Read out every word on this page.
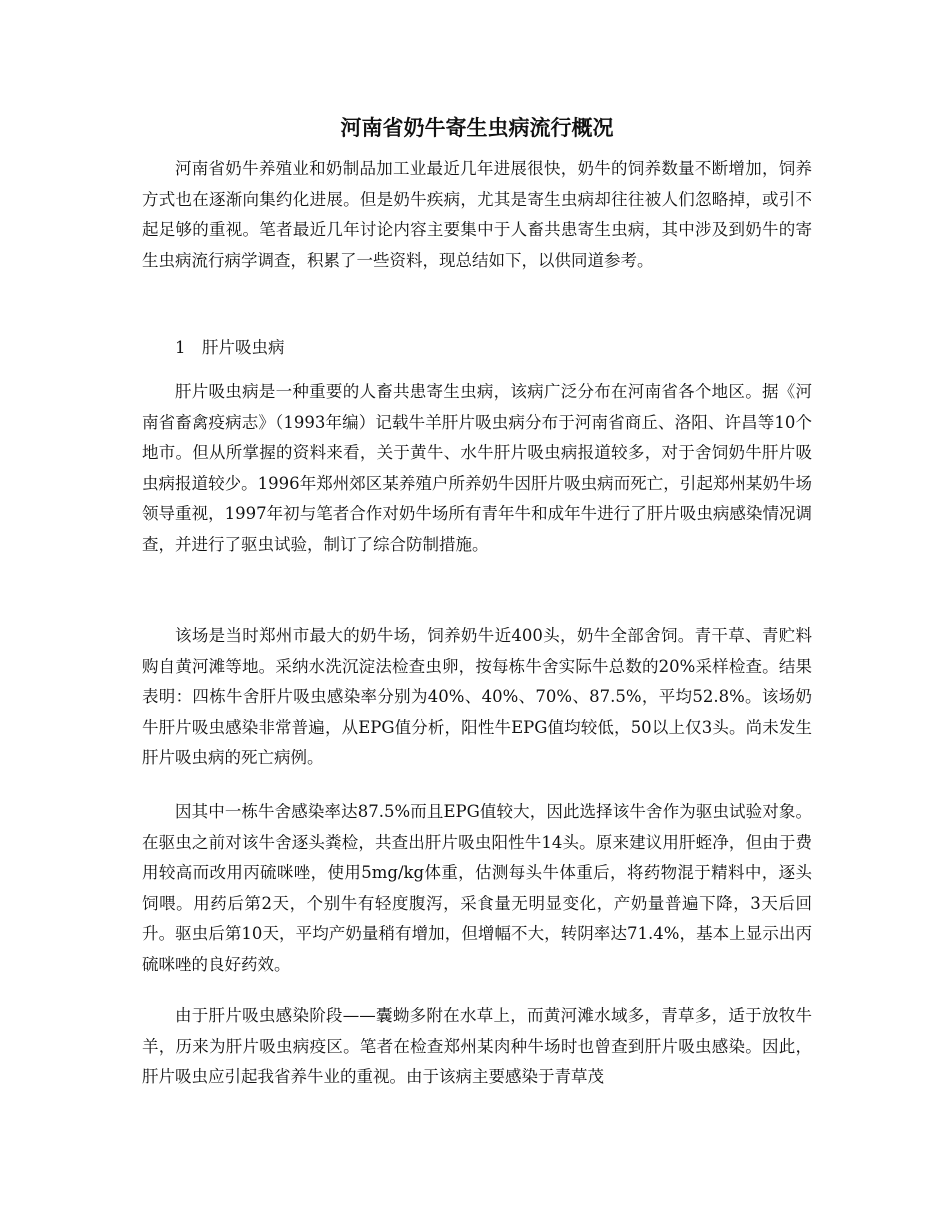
河南省奶牛寄生虫病流行概况

河南省奶牛养殖业和奶制品加工业最近几年进展很快，奶牛的饲养数量不断增加，饲养方式也在逐渐向集约化进展。但是奶牛疾病，尤其是寄生虫病却往往被人们忽略掉，或引不起足够的重视。笔者最近几年讨论内容主要集中于人畜共患寄生虫病，其中涉及到奶牛的寄生虫病流行病学调查，积累了一些资料，现总结如下，以供同道参考。

1　肝片吸虫病

肝片吸虫病是一种重要的人畜共患寄生虫病，该病广泛分布在河南省各个地区。据《河南省畜禽疫病志》（1993年编）记载牛羊肝片吸虫病分布于河南省商丘、洛阳、许昌等10个地市。但从所掌握的资料来看，关于黄牛、水牛肝片吸虫病报道较多，对于舍饲奶牛肝片吸虫病报道较少。1996年郑州郊区某养殖户所养奶牛因肝片吸虫病而死亡，引起郑州某奶牛场领导重视，1997年初与笔者合作对奶牛场所有青年牛和成年牛进行了肝片吸虫病感染情况调查，并进行了驱虫试验，制订了综合防制措施。

该场是当时郑州市最大的奶牛场，饲养奶牛近400头，奶牛全部舍饲。青干草、青贮料购自黄河滩等地。采纳水洗沉淀法检查虫卵，按每栋牛舍实际牛总数的20%采样检查。结果表明：四栋牛舍肝片吸虫感染率分别为40%、40%、70%、87.5%，平均52.8%。该场奶牛肝片吸虫感染非常普遍，从EPG值分析，阳性牛EPG值均较低，50以上仅3头。尚未发生肝片吸虫病的死亡病例。

因其中一栋牛舍感染率达87.5%而且EPG值较大，因此选择该牛舍作为驱虫试验对象。在驱虫之前对该牛舍逐头粪检，共查出肝片吸虫阳性牛14头。原来建议用肝蛭净，但由于费用较高而改用丙硫咪唑，使用5mg/kg体重，估测每头牛体重后，将药物混于精料中，逐头饲喂。用药后第2天，个别牛有轻度腹泻，采食量无明显变化，产奶量普遍下降，3天后回升。驱虫后第10天，平均产奶量稍有增加，但增幅不大，转阴率达71.4%，基本上显示出丙硫咪唑的良好药效。

由于肝片吸虫感染阶段——囊蚴多附在水草上，而黄河滩水域多，青草多，适于放牧牛羊，历来为肝片吸虫病疫区。笔者在检查郑州某肉种牛场时也曾查到肝片吸虫感染。因此，肝片吸虫应引起我省养牛业的重视。由于该病主要感染于青草茂
